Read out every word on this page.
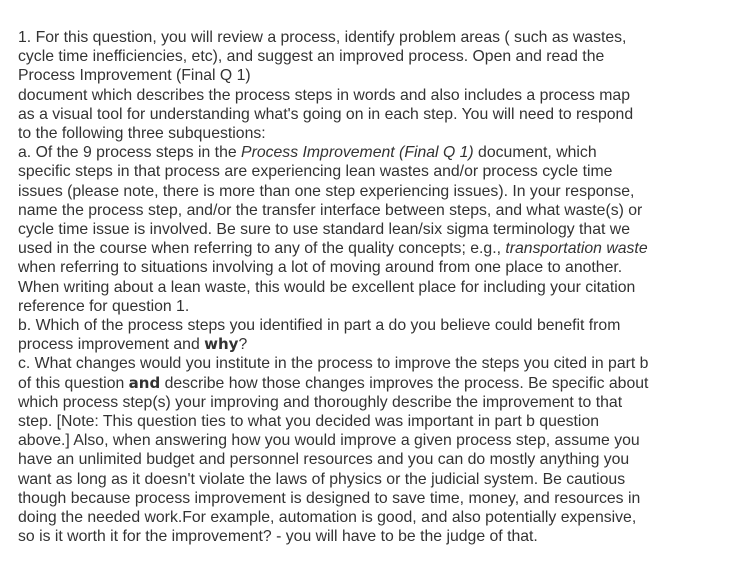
1. For this question, you will review a process, identify problem areas ( such as wastes, cycle time inefficiencies, etc), and suggest an improved process. Open and read the Process Improvement (Final Q 1)

document which describes the process steps in words and also includes a process map as a visual tool for understanding what's going on in each step. You will need to respond to the following three subquestions:

a. Of the 9 process steps in the Process Improvement (Final Q 1) document, which specific steps in that process are experiencing lean wastes and/or process cycle time issues (please note, there is more than one step experiencing issues). In your response, name the process step, and/or the transfer interface between steps, and what waste(s) or cycle time issue is involved. Be sure to use standard lean/six sigma terminology that we used in the course when referring to any of the quality concepts; e.g., transportation waste when referring to situations involving a lot of moving around from one place to another. When writing about a lean waste, this would be excellent place for including your citation reference for question 1.

b. Which of the process steps you identified in part a do you believe could benefit from process improvement and why?

c. What changes would you institute in the process to improve the steps you cited in part b of this question and describe how those changes improves the process. Be specific about which process step(s) your improving and thoroughly describe the improvement to that step. [Note: This question ties to what you decided was important in part b question above.] Also, when answering how you would improve a given process step, assume you have an unlimited budget and personnel resources and you can do mostly anything you want as long as it doesn't violate the laws of physics or the judicial system. Be cautious though because process improvement is designed to save time, money, and resources in doing the needed work.For example, automation is good, and also potentially expensive, so is it worth it for the improvement? - you will have to be the judge of that.
